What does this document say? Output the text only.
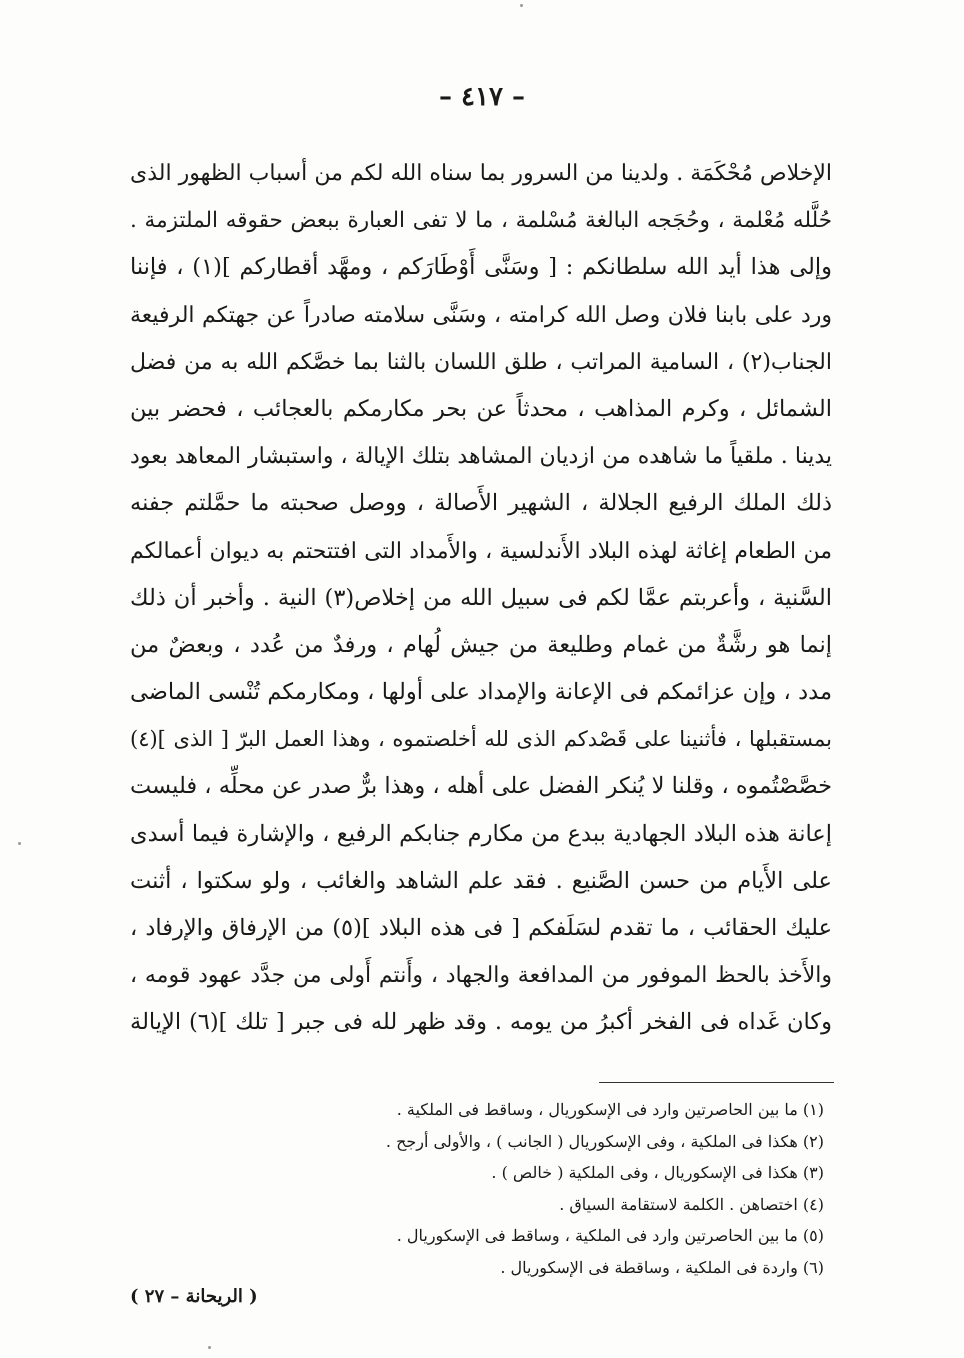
– ٤١٧ –
الإخلاص مُحْكَمَة . ولدينا من السرور بما سناه الله لكم من أسباب الظهور الذى
حُلَّله مُعْلمة ، وحُجَجه البالغة مُسْلمة ، ما لا تفى العبارة ببعض حقوقه الملتزمة .
وإلى هذا أيد الله سلطانكم : [ وسَنَّى أَوْطَارَكم ، ومهَّد أقطاركم ](١) ، فإننا
ورد على بابنا فلان وصل الله كرامته ، وسَنَّى سلامته صادراً عن جهتكم الرفيعة
الجناب(٢) ، السامية المراتب ، طلق اللسان بالثنا بما خصَّكم الله به من فضل
الشمائل ، وكرم المذاهب ، محدثاً عن بحر مكارمكم بالعجائب ، فحضر بين
يدينا . ملقياً ما شاهده من ازديان المشاهد بتلك الإيالة ، واستبشار المعاهد بعود
ذلك الملك الرفيع الجلالة ، الشهير الأَصالة ، ووصل صحبته ما حمَّلتم جفنه
من الطعام إغاثة لهذه البلاد الأَندلسية ، والأَمداد التى افتتحتم به ديوان أعمالكم
السَّنية ، وأعربتم عمَّا لكم فى سبيل الله من إخلاص(٣) النية . وأخبر أن ذلك
إنما هو رشَّةٌ من غمام وطليعة من جيش لُهام ، ورفدٌ من عُدد ، وبعضٌ من
مدد ، وإن عزائمكم فى الإعانة والإمداد على أولها ، ومكارمكم تُنْسى الماضى
بمستقبلها ، فأثنينا على قَصْدكم الذى لله أخلصتموه ، وهذا العمل البرّ [ الذى ](٤)
خصَّصْتُموه ، وقلنا لا يُنكر الفضل على أهله ، وهذا برٌّ صدر عن محلِّه ، فليست
إعانة هذه البلاد الجهادية ببدع من مكارم جنابكم الرفيع ، والإشارة فيما أسدى
على الأَيام من حسن الصَّنيع . فقد علم الشاهد والغائب ، ولو سكتوا ، أثنت
عليك الحقائب ، ما تقدم لسَلَفكم [ فى هذه البلاد ](٥) من الإرفاق والإرفاد ،
والأَخذ بالحظ الموفور من المدافعة والجهاد ، وأَنتم أَولى من جدَّد عهود قومه ،
وكان غَداه فى الفخر أكبرُ من يومه . وقد ظهر لله فى جبر [ تلك ](٦) الإيالة
(١) ما بين الحاصرتين وارد فى الإسكوريال ، وساقط فى الملكية .
(٢) هكذا فى الملكية ، وفى الإسكوريال ( الجانب ) ، والأولى أرجح .
(٣) هكذا فى الإسكوريال ، وفى الملكية ( خالص ) .
(٤) اختصاهن . الكلمة لاستقامة السياق .
(٥) ما بين الحاصرتين وارد فى الملكية ، وساقط فى الإسكوريال .
(٦) واردة فى الملكية ، وساقطة فى الإسكوريال .
( الريحانة – ٢٧ )
